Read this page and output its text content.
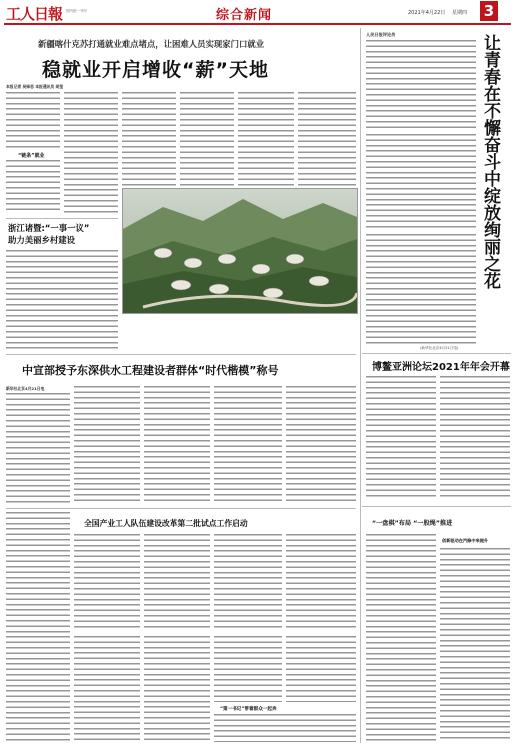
工人日報 国内统一刊号	综合新闻	2021年4月22日 星期四 3
新疆喀什克苏打通就业难点堵点，让困难人员实现家门口就业
稳就业开启增收“薪”天地
本报记者 吴铎思 本报通讯员 胡莹
“链条”就业
浙江诸暨:“一事一议”
助力美丽乡村建设
中宣部授予东深供水工程建设者群体“时代楷模”称号
新华社北京4月21日电
全国产业工人队伍建设改革第二批试点工作启动
“第一书记”带着群众一起奔
人民日报评论员	让青春在不懈奋斗中绽放绚丽之花
(新华社北京4月21日电)
博鳌亚洲论坛2021年年会开幕
“一盘棋”布局 “一股绳”推进
创新驱动在汽修中来提升
